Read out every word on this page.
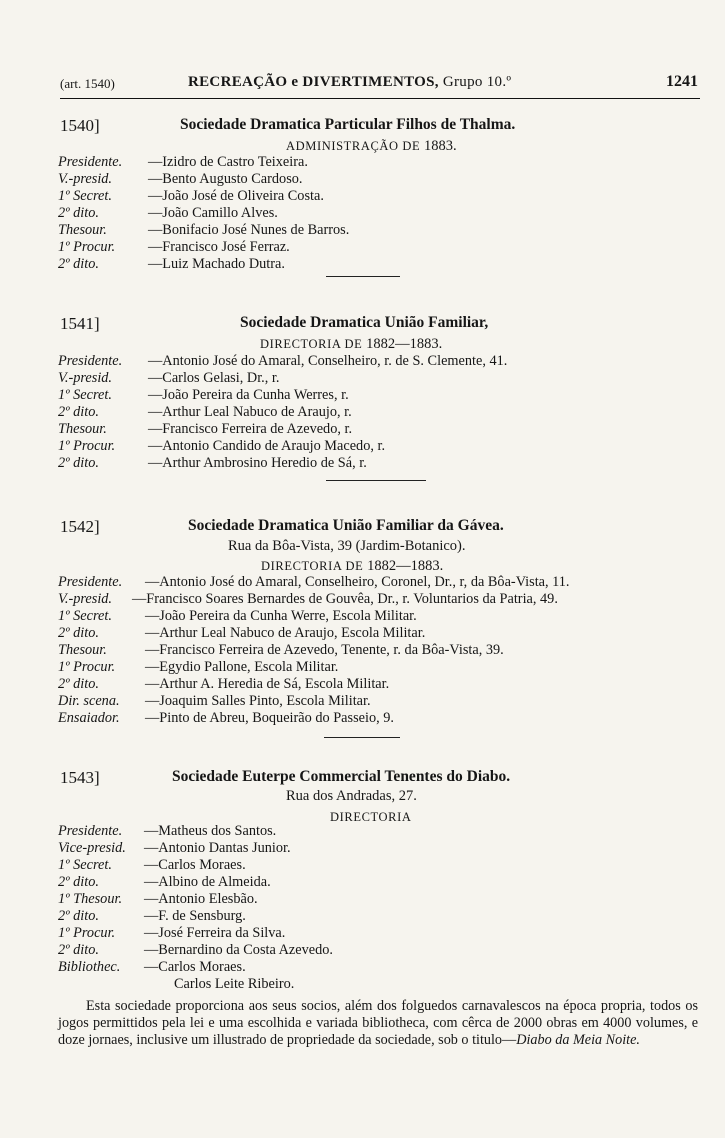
(art. 1540)	RECREAÇÃO e DIVERTIMENTOS, Grupo 10.º	1241
1540]	Sociedade Dramatica Particular Filhos de Thalma.
ADMINISTRAÇÃO DE 1883.
Presidente. —Izidro de Castro Teixeira.
V.-presid.	—Bento Augusto Cardoso.
1º Secret.	—João José de Oliveira Costa.
2º dito.	—João Camillo Alves.
Thesour.	—Bonifacio José Nunes de Barros.
1º Procur. —Francisco José Ferraz.
2º dito.	—Luiz Machado Dutra.
1541]	Sociedade Dramatica União Familiar,
DIRECTORIA DE 1882—1883.
Presidente. —Antonio José do Amaral, Conselheiro, r. de S. Clemente, 41.
V.-presid.	—Carlos Gelasi, Dr., r.
1º Secret.	—João Pereira da Cunha Werres, r.
2º dito.	—Arthur Leal Nabuco de Araujo, r.
Thesour.	—Francisco Ferreira de Azevedo, r.
1º Procur. —Antonio Candido de Araujo Macedo, r.
2º dito.	—Arthur Ambrosino Heredio de Sá, r.
1542]	Sociedade Dramatica União Familiar da Gávea.
Rua da Bôa-Vista, 39 (Jardim-Botanico).
DIRECTORIA DE 1882—1883.
Presidente. —Antonio José do Amaral, Conselheiro, Coronel, Dr., r, da Bôa-Vista, 11.
V.-presid. —Francisco Soares Bernardes de Gouvêa, Dr., r. Voluntarios da Patria, 49.
1º Secret. —João Pereira da Cunha Werre, Escola Militar.
2º dito.	—Arthur Leal Nabuco de Araujo, Escola Militar.
Thesour.	—Francisco Ferreira de Azevedo, Tenente, r. da Bôa-Vista, 39.
1º Procur. —Egydio Pallone, Escola Militar.
2º dito.	—Arthur A. Heredia de Sá, Escola Militar.
Dir. scena. —Joaquim Salles Pinto, Escola Militar.
Ensaiador. —Pinto de Abreu, Boqueirão do Passeio, 9.
1543]	Sociedade Euterpe Commercial Tenentes do Diabo.
Rua dos Andradas, 27.
DIRECTORIA
Presidente. —Matheus dos Santos.
Vice-presid. —Antonio Dantas Junior.
1º Secret. —Carlos Moraes.
2º dito.	—Albino de Almeida.
1º Thesour. —Antonio Elesbão.
2º dito.	—F. de Sensburg.
1º Procur. —José Ferreira da Silva.
2º dito.	—Bernardino da Costa Azevedo.
Bibliothec. —Carlos Moraes.
Carlos Leite Ribeiro.

Esta sociedade proporciona aos seus socios, além dos folguedos carnavalescos na época propria, todos os jogos permittidos pela lei e uma escolhida e variada bibliotheca, com cêrca de 2000 obras em 4000 volumes, e doze jornaes, inclusive um illustrado de propriedade da sociedade, sob o titulo—Diabo da Meia Noite.
